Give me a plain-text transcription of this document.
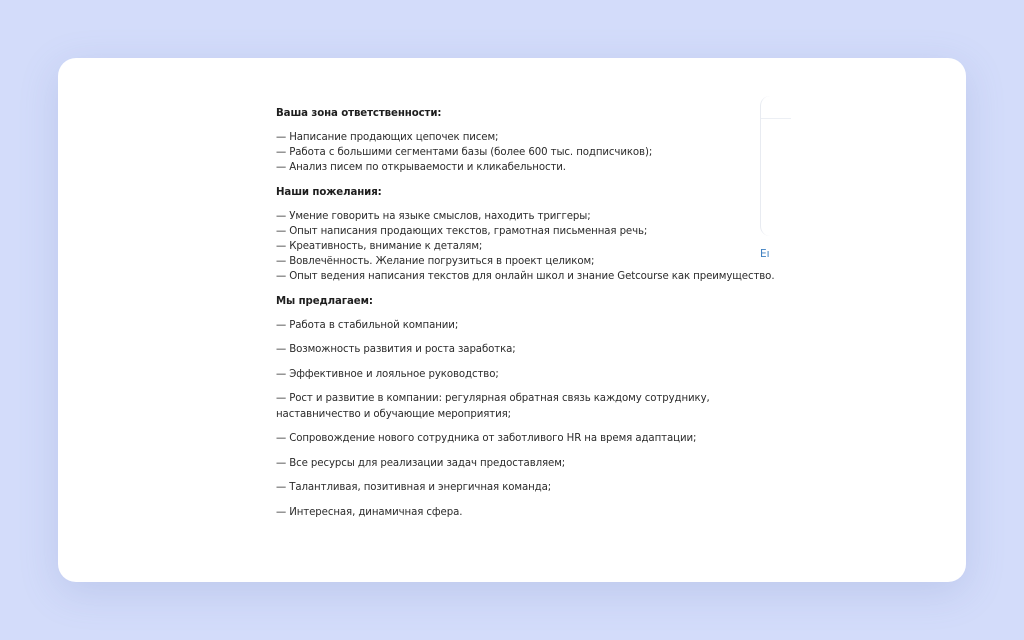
Ваша зона ответственности:

— Написание продающих цепочек писем;
— Работа с большими сегментами базы (более 600 тыс. подписчиков);
— Анализ писем по открываемости и кликабельности.

Наши пожелания:

— Умение говорить на языке смыслов, находить триггеры;
— Опыт написания продающих текстов, грамотная письменная речь;
— Креативность, внимание к деталям;
— Вовлечённость. Желание погрузиться в проект целиком;
— Опыт ведения написания текстов для онлайн школ и знание Getcourse как преимущество.

Мы предлагаем:

— Работа в стабильной компании;
— Возможность развития и роста заработка;
— Эффективное и лояльное руководство;
— Рост и развитие в компании: регулярная обратная связь каждому сотруднику, наставничество и обучающие мероприятия;
— Сопровождение нового сотрудника от заботливого HR на время адаптации;
— Все ресурсы для реализации задач предоставляем;
— Талантливая, позитивная и энергичная команда;
— Интересная, динамичная сфера.
Еı
